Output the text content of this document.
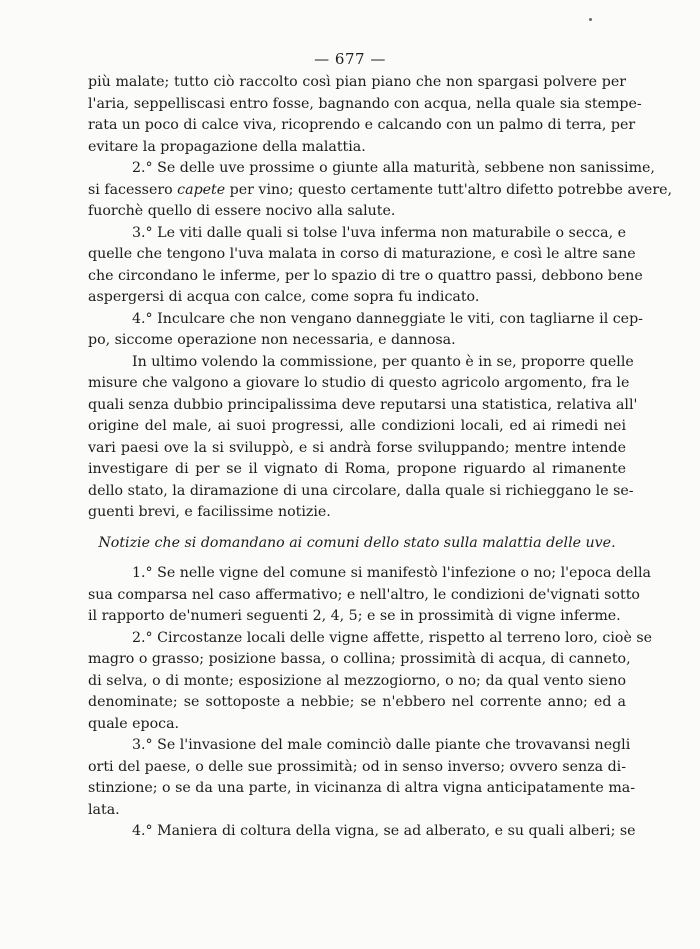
— 677 —
più malate; tutto ciò raccolto così pian piano che non spargasi polvere per
l'aria, seppelliscasi entro fosse, bagnando con acqua, nella quale sia stempe-
rata un poco di calce viva, ricoprendo e calcando con un palmo di terra, per
evitare la propagazione della malattia.
2.° Se delle uve prossime o giunte alla maturità, sebbene non sanissime,
si facessero capete per vino; questo certamente tutt'altro difetto potrebbe avere,
fuorchè quello di essere nocivo alla salute.
3.° Le viti dalle quali si tolse l'uva inferma non maturabile o secca, e
quelle che tengono l'uva malata in corso di maturazione, e così le altre sane
che circondano le inferme, per lo spazio di tre o quattro passi, debbono bene
aspergersi di acqua con calce, come sopra fu indicato.
4.° Inculcare che non vengano danneggiate le viti, con tagliarne il cep-
po, siccome operazione non necessaria, e dannosa.
In ultimo volendo la commissione, per quanto è in se, proporre quelle
misure che valgono a giovare lo studio di questo agricolo argomento, fra le
quali senza dubbio principalissima deve reputarsi una statistica, relativa all'
origine del male, ai suoi progressi, alle condizioni locali, ed ai rimedi nei
vari paesi ove la si sviluppò, e si andrà forse sviluppando; mentre intende
investigare di per se il vignato di Roma, propone riguardo al rimanente
dello stato, la diramazione di una circolare, dalla quale si richieggano le se-
guenti brevi, e facilissime notizie.
Notizie che si domandano ai comuni dello stato sulla malattia delle uve.
1.° Se nelle vigne del comune si manifestò l'infezione o no; l'epoca della
sua comparsa nel caso affermativo; e nell'altro, le condizioni de'vignati sotto
il rapporto de'numeri seguenti 2, 4, 5; e se in prossimità di vigne inferme.
2.° Circostanze locali delle vigne affette, rispetto al terreno loro, cioè se
magro o grasso; posizione bassa, o collina; prossimità di acqua, di canneto,
di selva, o di monte; esposizione al mezzogiorno, o no; da qual vento sieno
denominate; se sottoposte a nebbie; se n'ebbero nel corrente anno; ed a
quale epoca.
3.° Se l'invasione del male cominciò dalle piante che trovavansi negli
orti del paese, o delle sue prossimità; od in senso inverso; ovvero senza di-
stinzione; o se da una parte, in vicinanza di altra vigna anticipatamente ma-
lata.
4.° Maniera di coltura della vigna, se ad alberato, e su quali alberi; se
